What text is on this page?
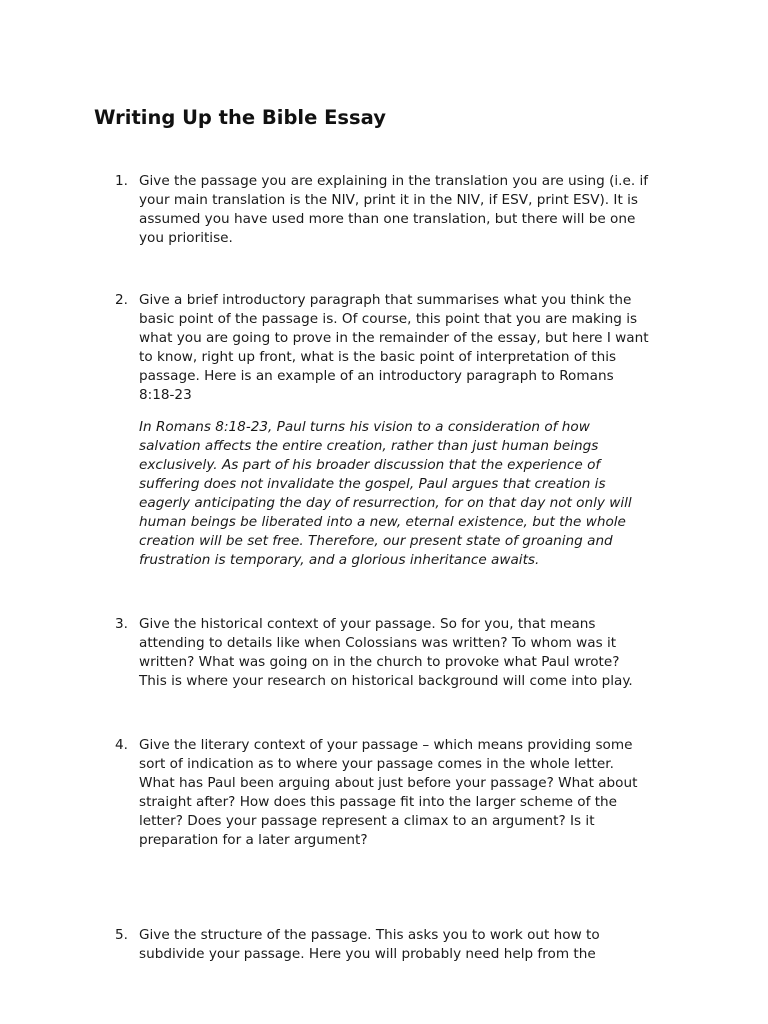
Writing Up the Bible Essay
1. Give the passage you are explaining in the translation you are using (i.e. if
your main translation is the NIV, print it in the NIV, if ESV, print ESV). It is
assumed you have used more than one translation, but there will be one
you prioritise.
2. Give a brief introductory paragraph that summarises what you think the
basic point of the passage is. Of course, this point that you are making is
what you are going to prove in the remainder of the essay, but here I want
to know, right up front, what is the basic point of interpretation of this
passage. Here is an example of an introductory paragraph to Romans
8:18-23
In Romans 8:18-23, Paul turns his vision to a consideration of how
salvation affects the entire creation, rather than just human beings
exclusively. As part of his broader discussion that the experience of
suffering does not invalidate the gospel, Paul argues that creation is
eagerly anticipating the day of resurrection, for on that day not only will
human beings be liberated into a new, eternal existence, but the whole
creation will be set free. Therefore, our present state of groaning and
frustration is temporary, and a glorious inheritance awaits.
3. Give the historical context of your passage. So for you, that means
attending to details like when Colossians was written? To whom was it
written? What was going on in the church to provoke what Paul wrote?
This is where your research on historical background will come into play.
4. Give the literary context of your passage – which means providing some
sort of indication as to where your passage comes in the whole letter.
What has Paul been arguing about just before your passage? What about
straight after? How does this passage fit into the larger scheme of the
letter? Does your passage represent a climax to an argument? Is it
preparation for a later argument?
5. Give the structure of the passage. This asks you to work out how to
subdivide your passage. Here you will probably need help from the
